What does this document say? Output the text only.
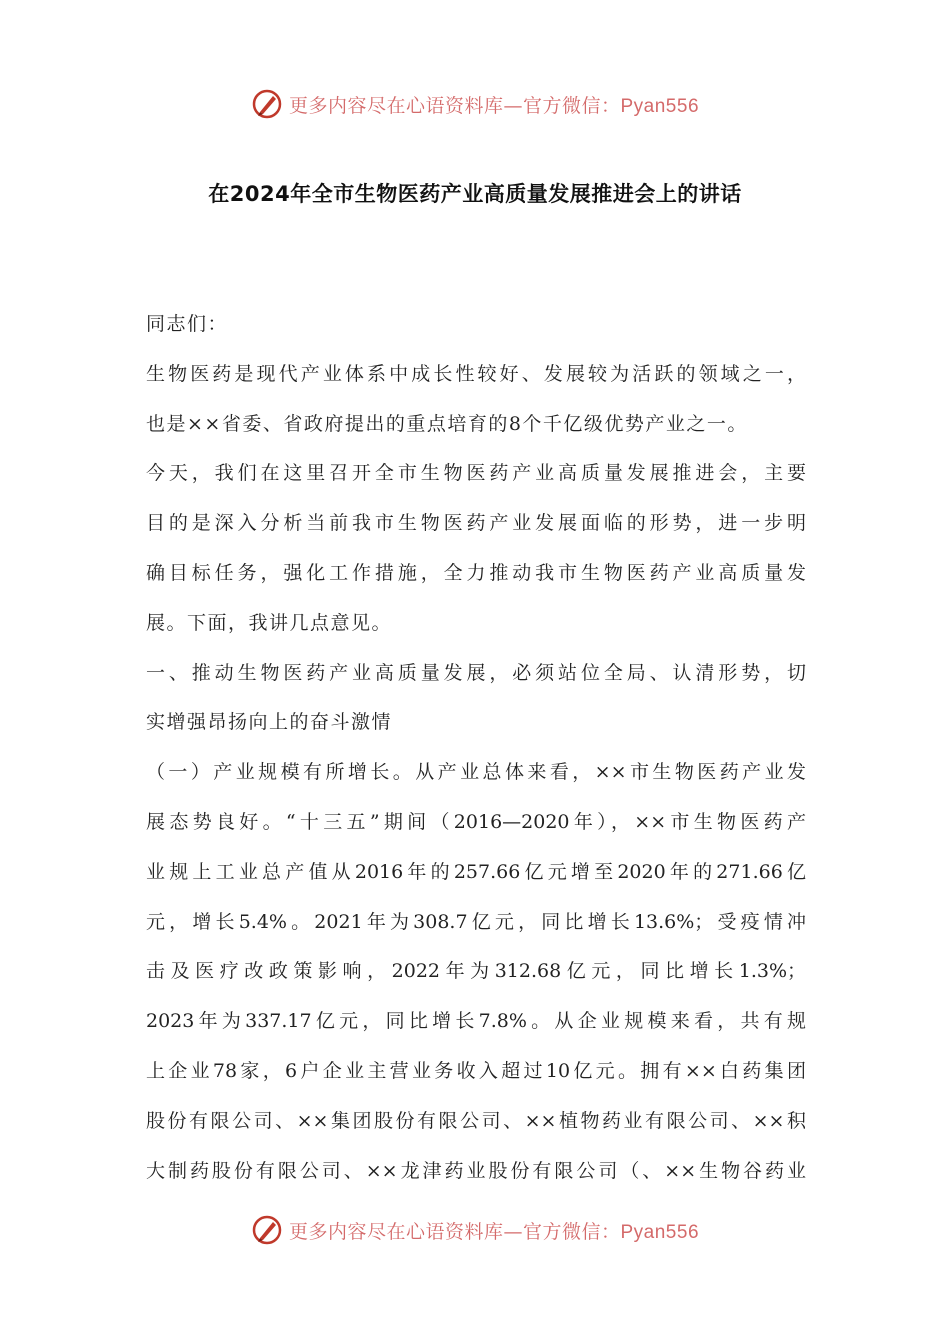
更多内容尽在心语资料库—官方微信：Pyan556
在2024年全市生物医药产业高质量发展推进会上的讲话
同志们：
生物医药是现代产业体系中成长性较好、发展较为活跃的领域之一，
也是××省委、省政府提出的重点培育的8个千亿级优势产业之一。
今天，我们在这里召开全市生物医药产业高质量发展推进会，主要
目的是深入分析当前我市生物医药产业发展面临的形势，进一步明
确目标任务，强化工作措施，全力推动我市生物医药产业高质量发
展。下面，我讲几点意见。
一、推动生物医药产业高质量发展，必须站位全局、认清形势，切
实增强昂扬向上的奋斗激情
（一）产业规模有所增长。从产业总体来看，××市生物医药产业发
展态势良好。“十三五”期间（2016—2020年），××市生物医药产
业规上工业总产值从2016年的257.66亿元增至2020年的271.66亿
元，增长5.4%。2021年为308.7亿元，同比增长13.6%；受疫情冲
击及医疗改政策影响，2022年为312.68亿元，同比增长1.3%；
2023年为337.17亿元，同比增长7.8%。从企业规模来看，共有规
上企业78家，6户企业主营业务收入超过10亿元。拥有××白药集团
股份有限公司、××集团股份有限公司、××植物药业有限公司、××积
大制药股份有限公司、××龙津药业股份有限公司（、××生物谷药业
更多内容尽在心语资料库—官方微信：Pyan556
